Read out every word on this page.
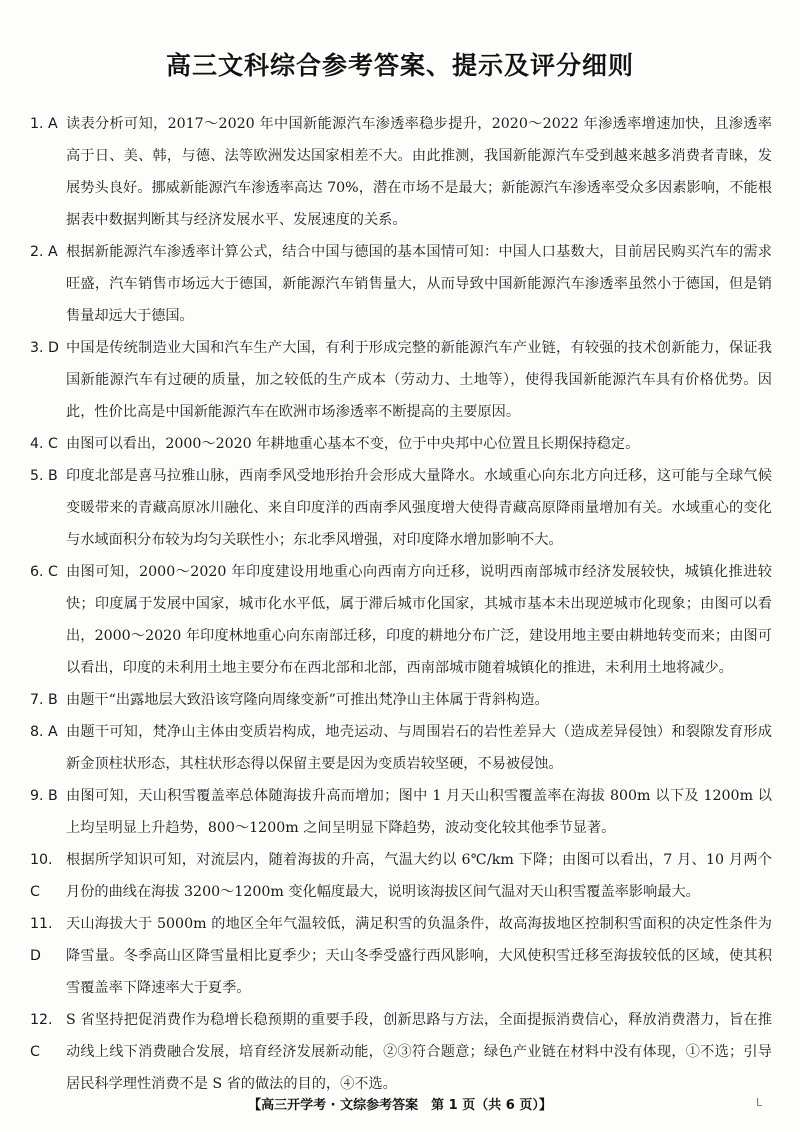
高三文科综合参考答案、提示及评分细则
1. A 读表分析可知，2017～2020 年中国新能源汽车渗透率稳步提升，2020～2022 年渗透率增速加快，且渗透率高于日、美、韩，与德、法等欧洲发达国家相差不大。由此推测，我国新能源汽车受到越来越多消费者青睐，发展势头良好。挪威新能源汽车渗透率高达 70%，潜在市场不是最大；新能源汽车渗透率受众多因素影响，不能根据表中数据判断其与经济发展水平、发展速度的关系。
2. A 根据新能源汽车渗透率计算公式，结合中国与德国的基本国情可知：中国人口基数大，目前居民购买汽车的需求旺盛，汽车销售市场远大于德国，新能源汽车销售量大，从而导致中国新能源汽车渗透率虽然小于德国，但是销售量却远大于德国。
3. D 中国是传统制造业大国和汽车生产大国，有利于形成完整的新能源汽车产业链，有较强的技术创新能力，保证我国新能源汽车有过硬的质量，加之较低的生产成本（劳动力、土地等），使得我国新能源汽车具有价格优势。因此，性价比高是中国新能源汽车在欧洲市场渗透率不断提高的主要原因。
4. C 由图可以看出，2000～2020 年耕地重心基本不变，位于中央邦中心位置且长期保持稳定。
5. B 印度北部是喜马拉雅山脉，西南季风受地形抬升会形成大量降水。水域重心向东北方向迁移，这可能与全球气候变暖带来的青藏高原冰川融化、来自印度洋的西南季风强度增大使得青藏高原降雨量增加有关。水域重心的变化与水域面积分布较为均匀关联性小；东北季风增强，对印度降水增加影响不大。
6. C 由图可知，2000～2020 年印度建设用地重心向西南方向迁移，说明西南部城市经济发展较快，城镇化推进较快；印度属于发展中国家，城市化水平低，属于滞后城市化国家，其城市基本未出现逆城市化现象；由图可以看出，2000～2020 年印度林地重心向东南部迁移，印度的耕地分布广泛，建设用地主要由耕地转变而来；由图可以看出，印度的未利用土地主要分布在西北部和北部，西南部城市随着城镇化的推进，未利用土地将减少。
7. B 由题干“出露地层大致沿该穹隆向周缘变新”可推出梵净山主体属于背斜构造。
8. A 由题干可知，梵净山主体由变质岩构成，地壳运动、与周围岩石的岩性差异大（造成差异侵蚀）和裂隙发育形成新金顶柱状形态，其柱状形态得以保留主要是因为变质岩较坚硬，不易被侵蚀。
9. B 由图可知，天山积雪覆盖率总体随海拔升高而增加；图中 1 月天山积雪覆盖率在海拔 800m 以下及 1200m 以上均呈明显上升趋势，800～1200m 之间呈明显下降趋势，波动变化较其他季节显著。
10. C
根据所学知识可知，对流层内，随着海拔的升高，气温大约以 6℃/km 下降；由图可以看出，7 月、10 月两个月份的曲线在海拔 3200～1200m 变化幅度最大，说明该海拔区间气温对天山积雪覆盖率影响最大。
11. D
天山海拔大于 5000m 的地区全年气温较低，满足积雪的负温条件，故高海拔地区控制积雪面积的决定性条件为降雪量。冬季高山区降雪量相比夏季少；天山冬季受盛行西风影响，大风使积雪迁移至海拔较低的区域，使其积雪覆盖率下降速率大于夏季。
12. C
S 省坚持把促消费作为稳增长稳预期的重要手段，创新思路与方法，全面提振消费信心，释放消费潜力，旨在推动线上线下消费融合发展，培育经济发展新动能，②③符合题意；绿色产业链在材料中没有体现，①不选；引导居民科学理性消费不是 S 省的做法的目的，④不选。
【高三开学考 · 文综参考答案　第 1 页（共 6 页）】	L
